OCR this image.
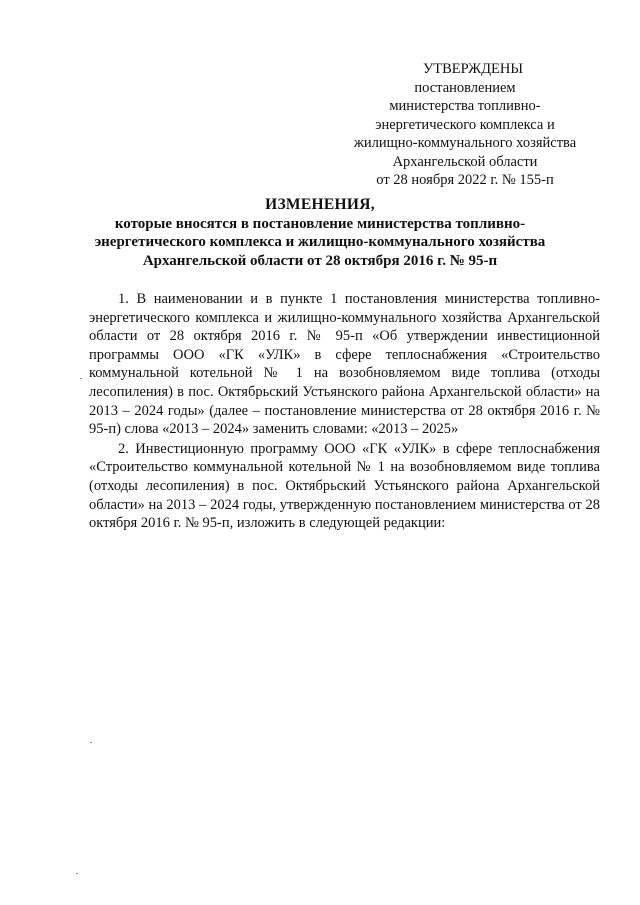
УТВЕРЖДЕНЫ
постановлением
министерства топливно-
энергетического комплекса и
жилищно-коммунального хозяйства
Архангельской области
от 28 ноября 2022 г. № 155-п
ИЗМЕНЕНИЯ,
которые вносятся в постановление министерства топливно-
энергетического комплекса и жилищно-коммунального хозяйства
Архангельской области от 28 октября 2016 г. № 95-п

1. В наименовании и в пункте 1 постановления министерства топливно-энергетического комплекса и жилищно-коммунального хозяйства Архангельской области от 28 октября 2016 г. № 95-п «Об утверждении инвестиционной программы ООО «ГК «УЛК» в сфере теплоснабжения «Строительство коммунальной котельной № 1 на возобновляемом виде топлива (отходы лесопиления) в пос. Октябрьский Устьянского района Архангельской области» на 2013 – 2024 годы» (далее – постановление министерства от 28 октября 2016 г. № 95-п) слова «2013 – 2024» заменить словами: «2013 – 2025»

2. Инвестиционную программу ООО «ГК «УЛК» в сфере теплоснабжения «Строительство коммунальной котельной № 1 на возобновляемом виде топлива (отходы лесопиления) в пос. Октябрьский Устьянского района Архангельской области» на 2013 – 2024 годы, утвержденную постановлением министерства от 28 октября 2016 г. № 95-п, изложить в следующей редакции:
